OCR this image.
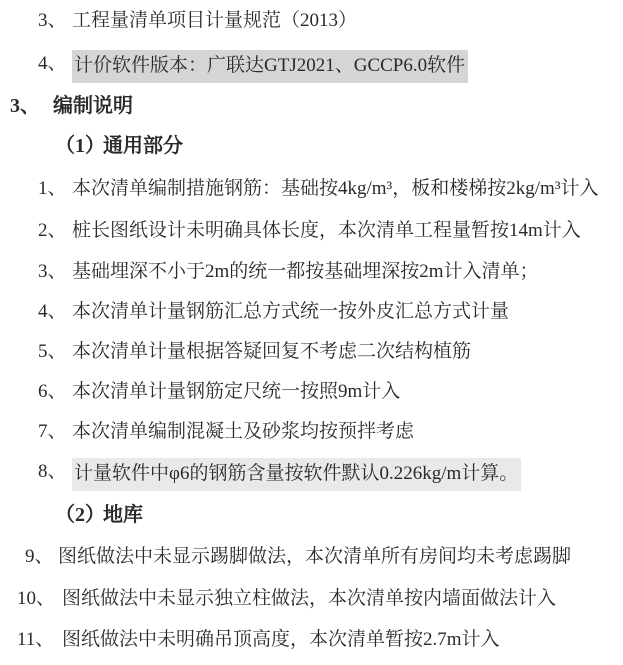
3、 工程量清单项目计量规范（2013）
4、 计价软件版本：广联达GTJ2021、GCCP6.0软件
3、 编制说明
（1）
通用部分
1、 本次清单编制措施钢筋：基础按4kg/m³，板和楼梯按2kg/m³计入
2、 桩长图纸设计未明确具体长度，本次清单工程量暂按14m计入
3、 基础埋深不小于2m的统一都按基础埋深按2m计入清单；
4、 本次清单计量钢筋汇总方式统一按外皮汇总方式计量
5、 本次清单计量根据答疑回复不考虑二次结构植筋
6、 本次清单计量钢筋定尺统一按照9m计入
7、 本次清单编制混凝土及砂浆均按预拌考虑
8、 计量软件中φ6的钢筋含量按软件默认0.226kg/m计算。
（2）
地库
9、 图纸做法中未显示踢脚做法，本次清单所有房间均未考虑踢脚
10、 图纸做法中未显示独立柱做法，本次清单按内墙面做法计入
11、 图纸做法中未明确吊顶高度，本次清单暂按2.7m计入
